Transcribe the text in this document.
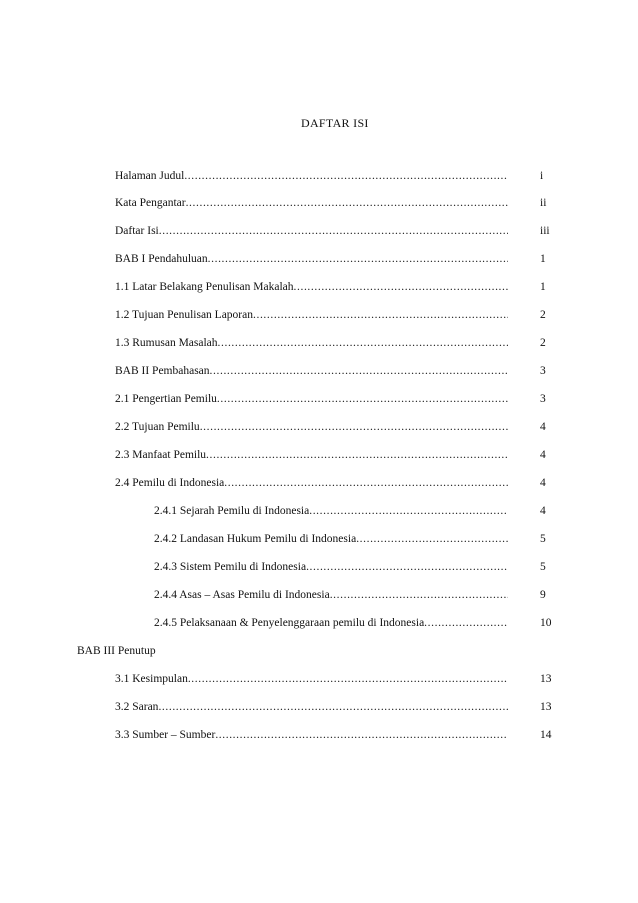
DAFTAR ISI
Halaman Judul .....	i
Kata Pengantar .....	ii
Daftar Isi .....	iii
BAB I Pendahuluan .....	1
1.1 Latar Belakang Penulisan Makalah .....	1
1.2 Tujuan Penulisan Laporan .....	2
1.3 Rumusan Masalah .....	2
BAB II Pembahasan .....	3
2.1 Pengertian Pemilu .....	3
2.2 Tujuan Pemilu .....	4
2.3 Manfaat Pemilu .....	4
2.4 Pemilu di Indonesia .....	4
2.4.1 Sejarah Pemilu di Indonesia .....	4
2.4.2 Landasan Hukum Pemilu di Indonesia .....	5
2.4.3 Sistem Pemilu di Indonesia .....	5
2.4.4 Asas – Asas Pemilu di Indonesia .....	9
2.4.5 Pelaksanaan & Penyelenggaraan pemilu di Indonesia .....	10
BAB III Penutup
3.1 Kesimpulan .....	13
3.2 Saran .....	13
3.3 Sumber – Sumber .....	14
